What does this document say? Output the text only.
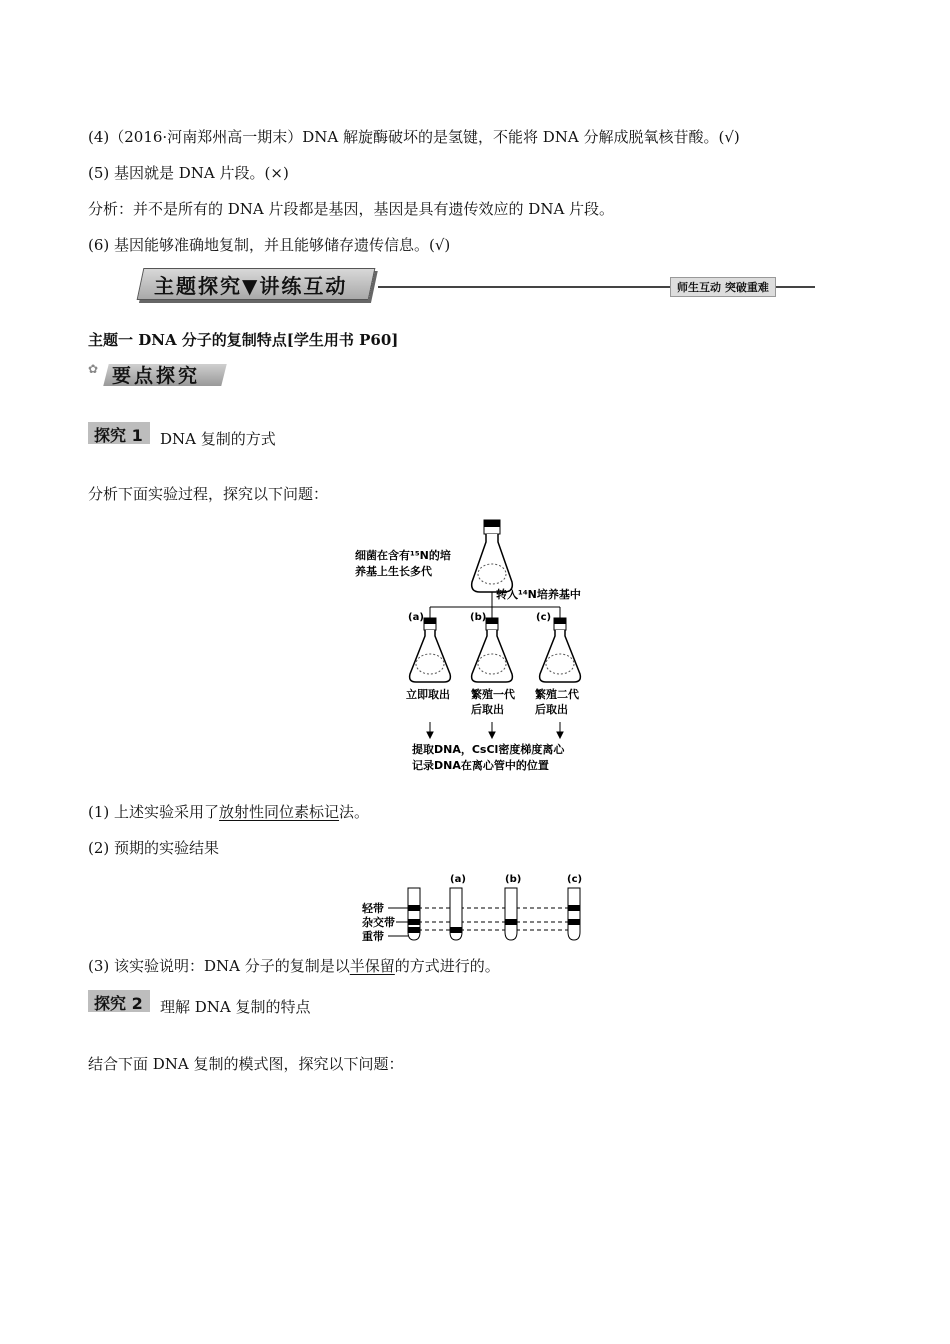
(4)（2016·河南郑州高一期末）DNA 解旋酶破坏的是氢键，不能将 DNA 分解成脱氧核苷酸。(√)
(5) 基因就是 DNA 片段。(×)
分析：并不是所有的 DNA 片段都是基因，基因是具有遗传效应的 DNA 片段。
(6) 基因能够准确地复制，并且能够储存遗传信息。(√)
主题探究▼讲练互动	师生互动 突破重难
主题一 DNA 分子的复制特点[学生用书 P60]
✿ 要点探究
探究 1 DNA 复制的方式
分析下面实验过程，探究以下问题：
细菌在含有¹⁵N的培
养基上生长多代
转入¹⁴N培养基中
(a)	(b)	(c)
立即取出 繁殖一代
后取出
繁殖二代
后取出
提取DNA，CsCl密度梯度离心
记录DNA在离心管中的位置
(1) 上述实验采用了放射性同位素标记法。
(2) 预期的实验结果
轻带
杂交带
重带
(a)	(b)	(c)
(3) 该实验说明：DNA 分子的复制是以半保留的方式进行的。
探究 2 理解 DNA 复制的特点
结合下面 DNA 复制的模式图，探究以下问题：
